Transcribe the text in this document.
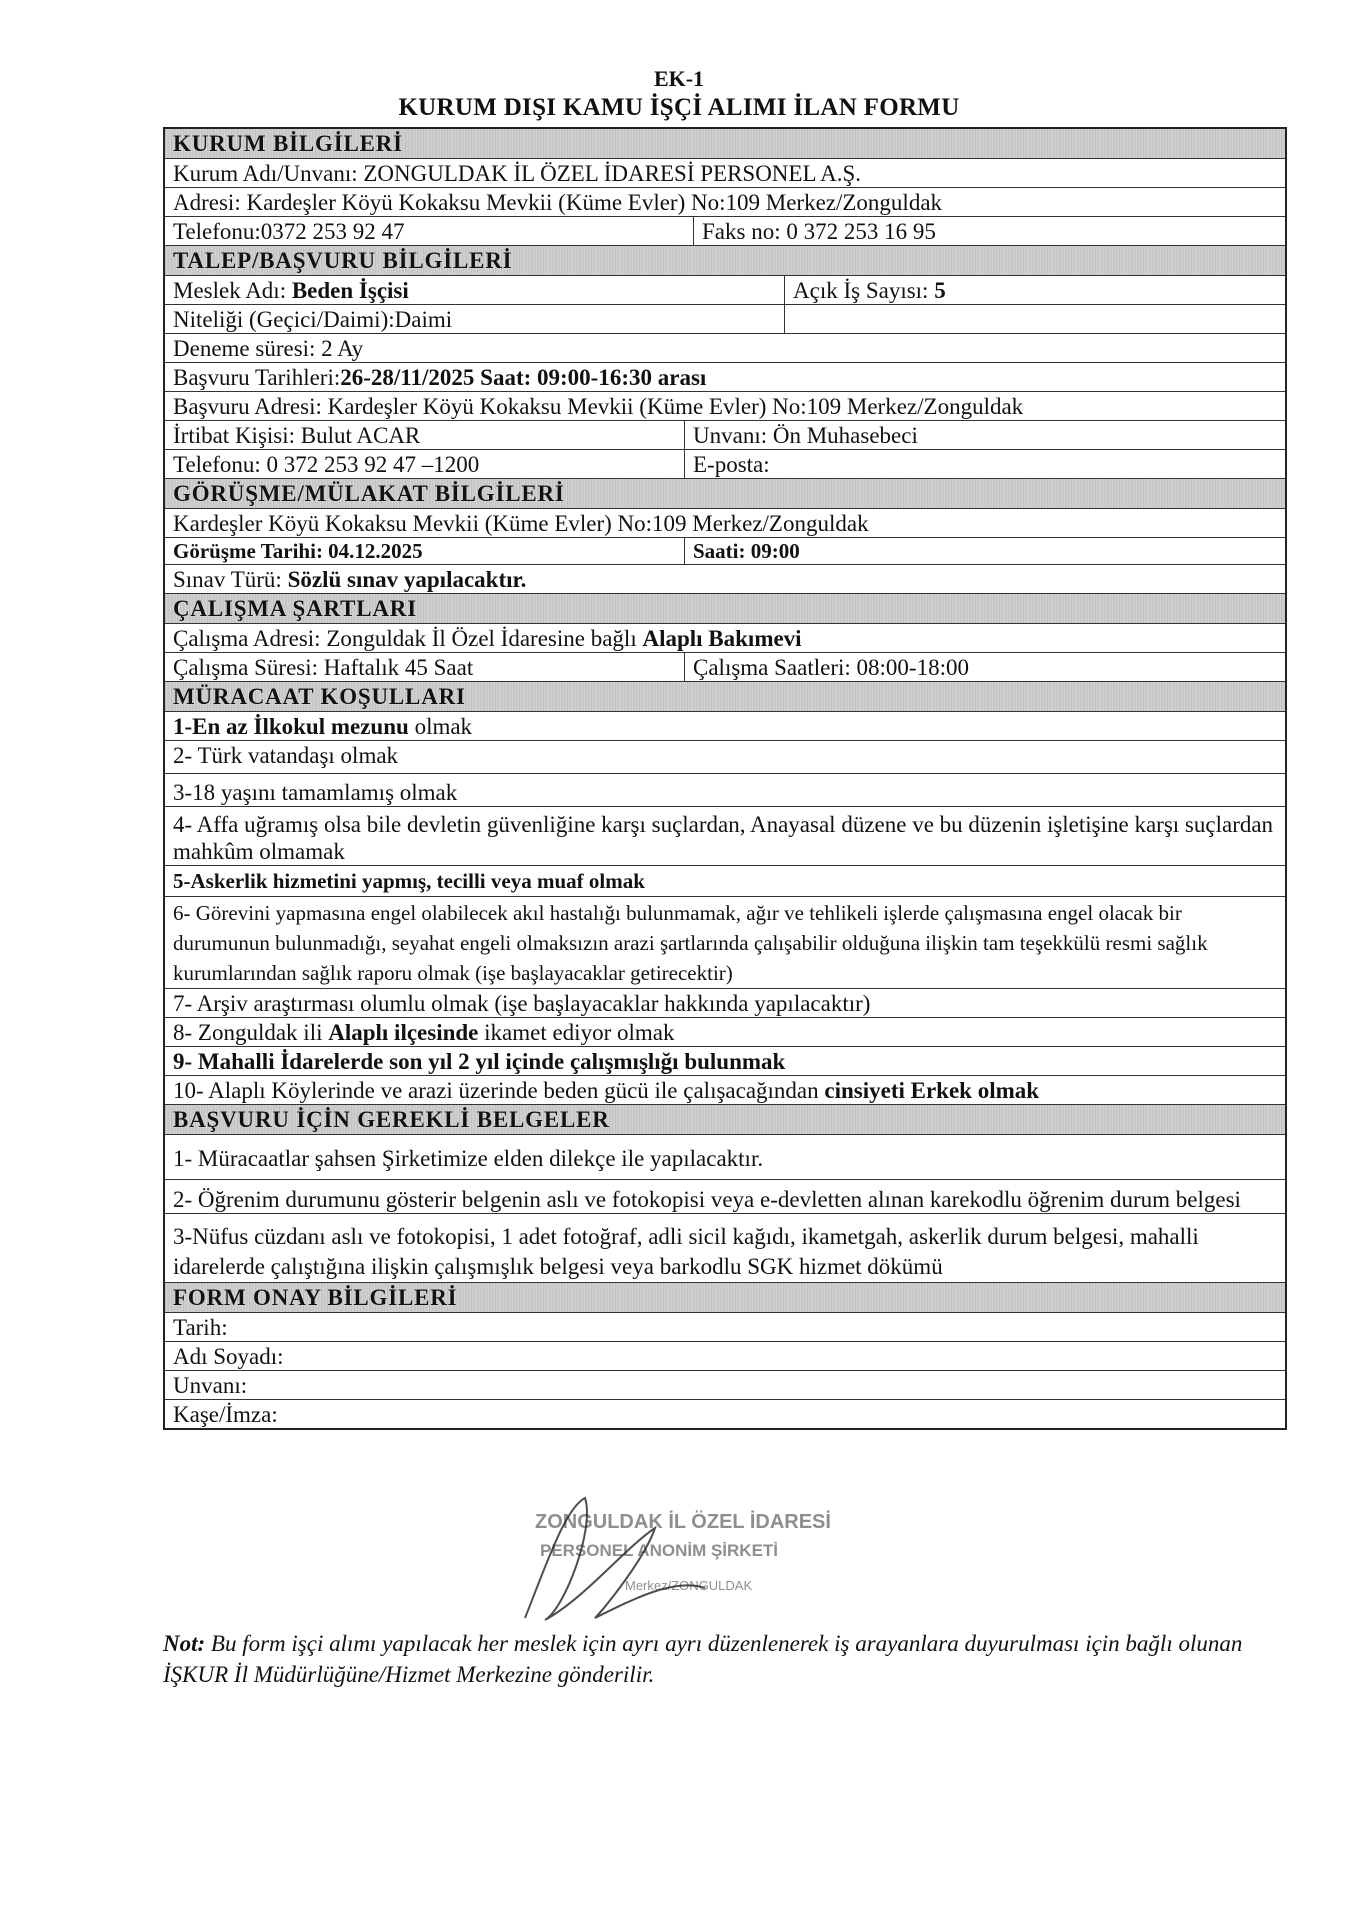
EK-1
KURUM DIŞI KAMU İŞÇİ ALIMI İLAN FORMU
KURUM BİLGİLERİ
Kurum Adı/Unvanı: ZONGULDAK İL ÖZEL İDARESİ PERSONEL A.Ş.
Adresi: Kardeşler Köyü Kokaksu Mevkii (Küme Evler) No:109 Merkez/Zonguldak
Telefonu:0372 253 92 47	Faks no: 0 372 253 16 95
TALEP/BAŞVURU BİLGİLERİ
Meslek Adı: Beden İşçisi	Açık İş Sayısı: 5
Niteliği (Geçici/Daimi):Daimi
Deneme süresi: 2 Ay
Başvuru Tarihleri:26-28/11/2025 Saat: 09:00-16:30 arası
Başvuru Adresi: Kardeşler Köyü Kokaksu Mevkii (Küme Evler) No:109 Merkez/Zonguldak
İrtibat Kişisi: Bulut ACAR	Unvanı: Ön Muhasebeci
Telefonu: 0 372 253 92 47 –1200	E-posta:
GÖRÜŞME/MÜLAKAT BİLGİLERİ
Kardeşler Köyü Kokaksu Mevkii (Küme Evler) No:109 Merkez/Zonguldak
Görüşme Tarihi: 04.12.2025	Saati: 09:00
Sınav Türü: Sözlü sınav yapılacaktır.
ÇALIŞMA ŞARTLARI
Çalışma Adresi: Zonguldak İl Özel İdaresine bağlı Alaplı Bakımevi
Çalışma Süresi: Haftalık 45 Saat	Çalışma Saatleri: 08:00-18:00
MÜRACAAT KOŞULLARI
1-En az İlkokul mezunu olmak
2- Türk vatandaşı olmak
3-18 yaşını tamamlamış olmak
4- Affa uğramış olsa bile devletin güvenliğine karşı suçlardan, Anayasal düzene ve bu düzenin işletişine karşı suçlardan mahkûm olmamak
5-Askerlik hizmetini yapmış, tecilli veya muaf olmak
6- Görevini yapmasına engel olabilecek akıl hastalığı bulunmamak, ağır ve tehlikeli işlerde çalışmasına engel olacak bir durumunun bulunmadığı, seyahat engeli olmaksızın arazi şartlarında çalışabilir olduğuna ilişkin tam teşekkülü resmi sağlık kurumlarından sağlık raporu olmak (işe başlayacaklar getirecektir)
7- Arşiv araştırması olumlu olmak (işe başlayacaklar hakkında yapılacaktır)
8- Zonguldak ili Alaplı ilçesinde ikamet ediyor olmak
9- Mahalli İdarelerde son yıl 2 yıl içinde çalışmışlığı bulunmak
10- Alaplı Köylerinde ve arazi üzerinde beden gücü ile çalışacağından cinsiyeti Erkek olmak
BAŞVURU İÇİN GEREKLİ BELGELER
1- Müracaatlar şahsen Şirketimize elden dilekçe ile yapılacaktır.
2- Öğrenim durumunu gösterir belgenin aslı ve fotokopisi veya e-devletten alınan karekodlu öğrenim durum belgesi
3-Nüfus cüzdanı aslı ve fotokopisi, 1 adet fotoğraf, adli sicil kağıdı, ikametgah, askerlik durum belgesi, mahalli idarelerde çalıştığına ilişkin çalışmışlık belgesi veya barkodlu SGK hizmet dökümü
FORM ONAY BİLGİLERİ
Tarih:
Adı Soyadı:
Unvanı:
Kaşe/İmza:
ZONGULDAK İL ÖZEL İDARESİ
PERSONEL ANONİM ŞİRKETİ
Merkez/ZONGULDAK
Not: Bu form işçi alımı yapılacak her meslek için ayrı ayrı düzenlenerek iş arayanlara duyurulması için bağlı olunan İŞKUR İl Müdürlüğüne/Hizmet Merkezine gönderilir.
